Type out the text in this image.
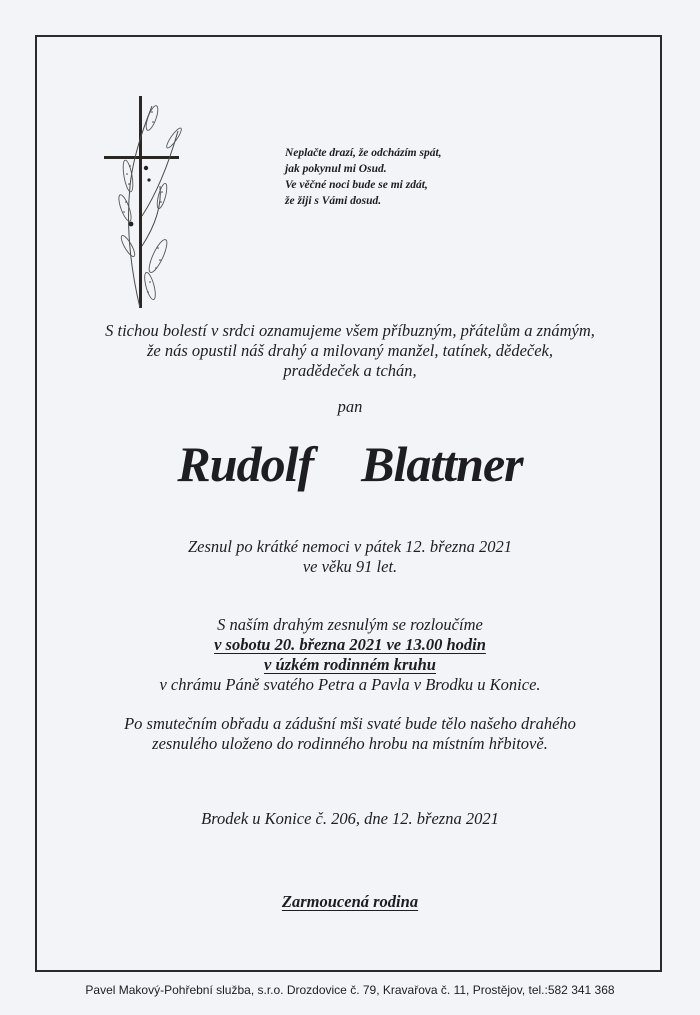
Neplačte drazí, že odcházím spát,
jak pokynul mi Osud.
Ve věčné noci bude se mi zdát,
že žiji s Vámi dosud.
S tichou bolestí v srdci oznamujeme všem příbuzným, přátelům a známým,
že nás opustil náš drahý a milovaný manžel, tatínek, dědeček,
pradědeček a tchán,
pan
Rudolf Blattner
Zesnul po krátké nemoci v pátek 12. března 2021
ve věku 91 let.
S naším drahým zesnulým se rozloučíme
v sobotu 20. března 2021 ve 13.00 hodin
v úzkém rodinném kruhu
v chrámu Páně svatého Petra a Pavla v Brodku u Konice.
Po smutečním obřadu a zádušní mši svaté bude tělo našeho drahého
zesnulého uloženo do rodinného hrobu na místním hřbitově.
Brodek u Konice č. 206, dne 12. března 2021
Zarmoucená rodina
Pavel Makový-Pohřební služba, s.r.o. Drozdovice č. 79, Kravařova č. 11, Prostějov, tel.:582 341 368
